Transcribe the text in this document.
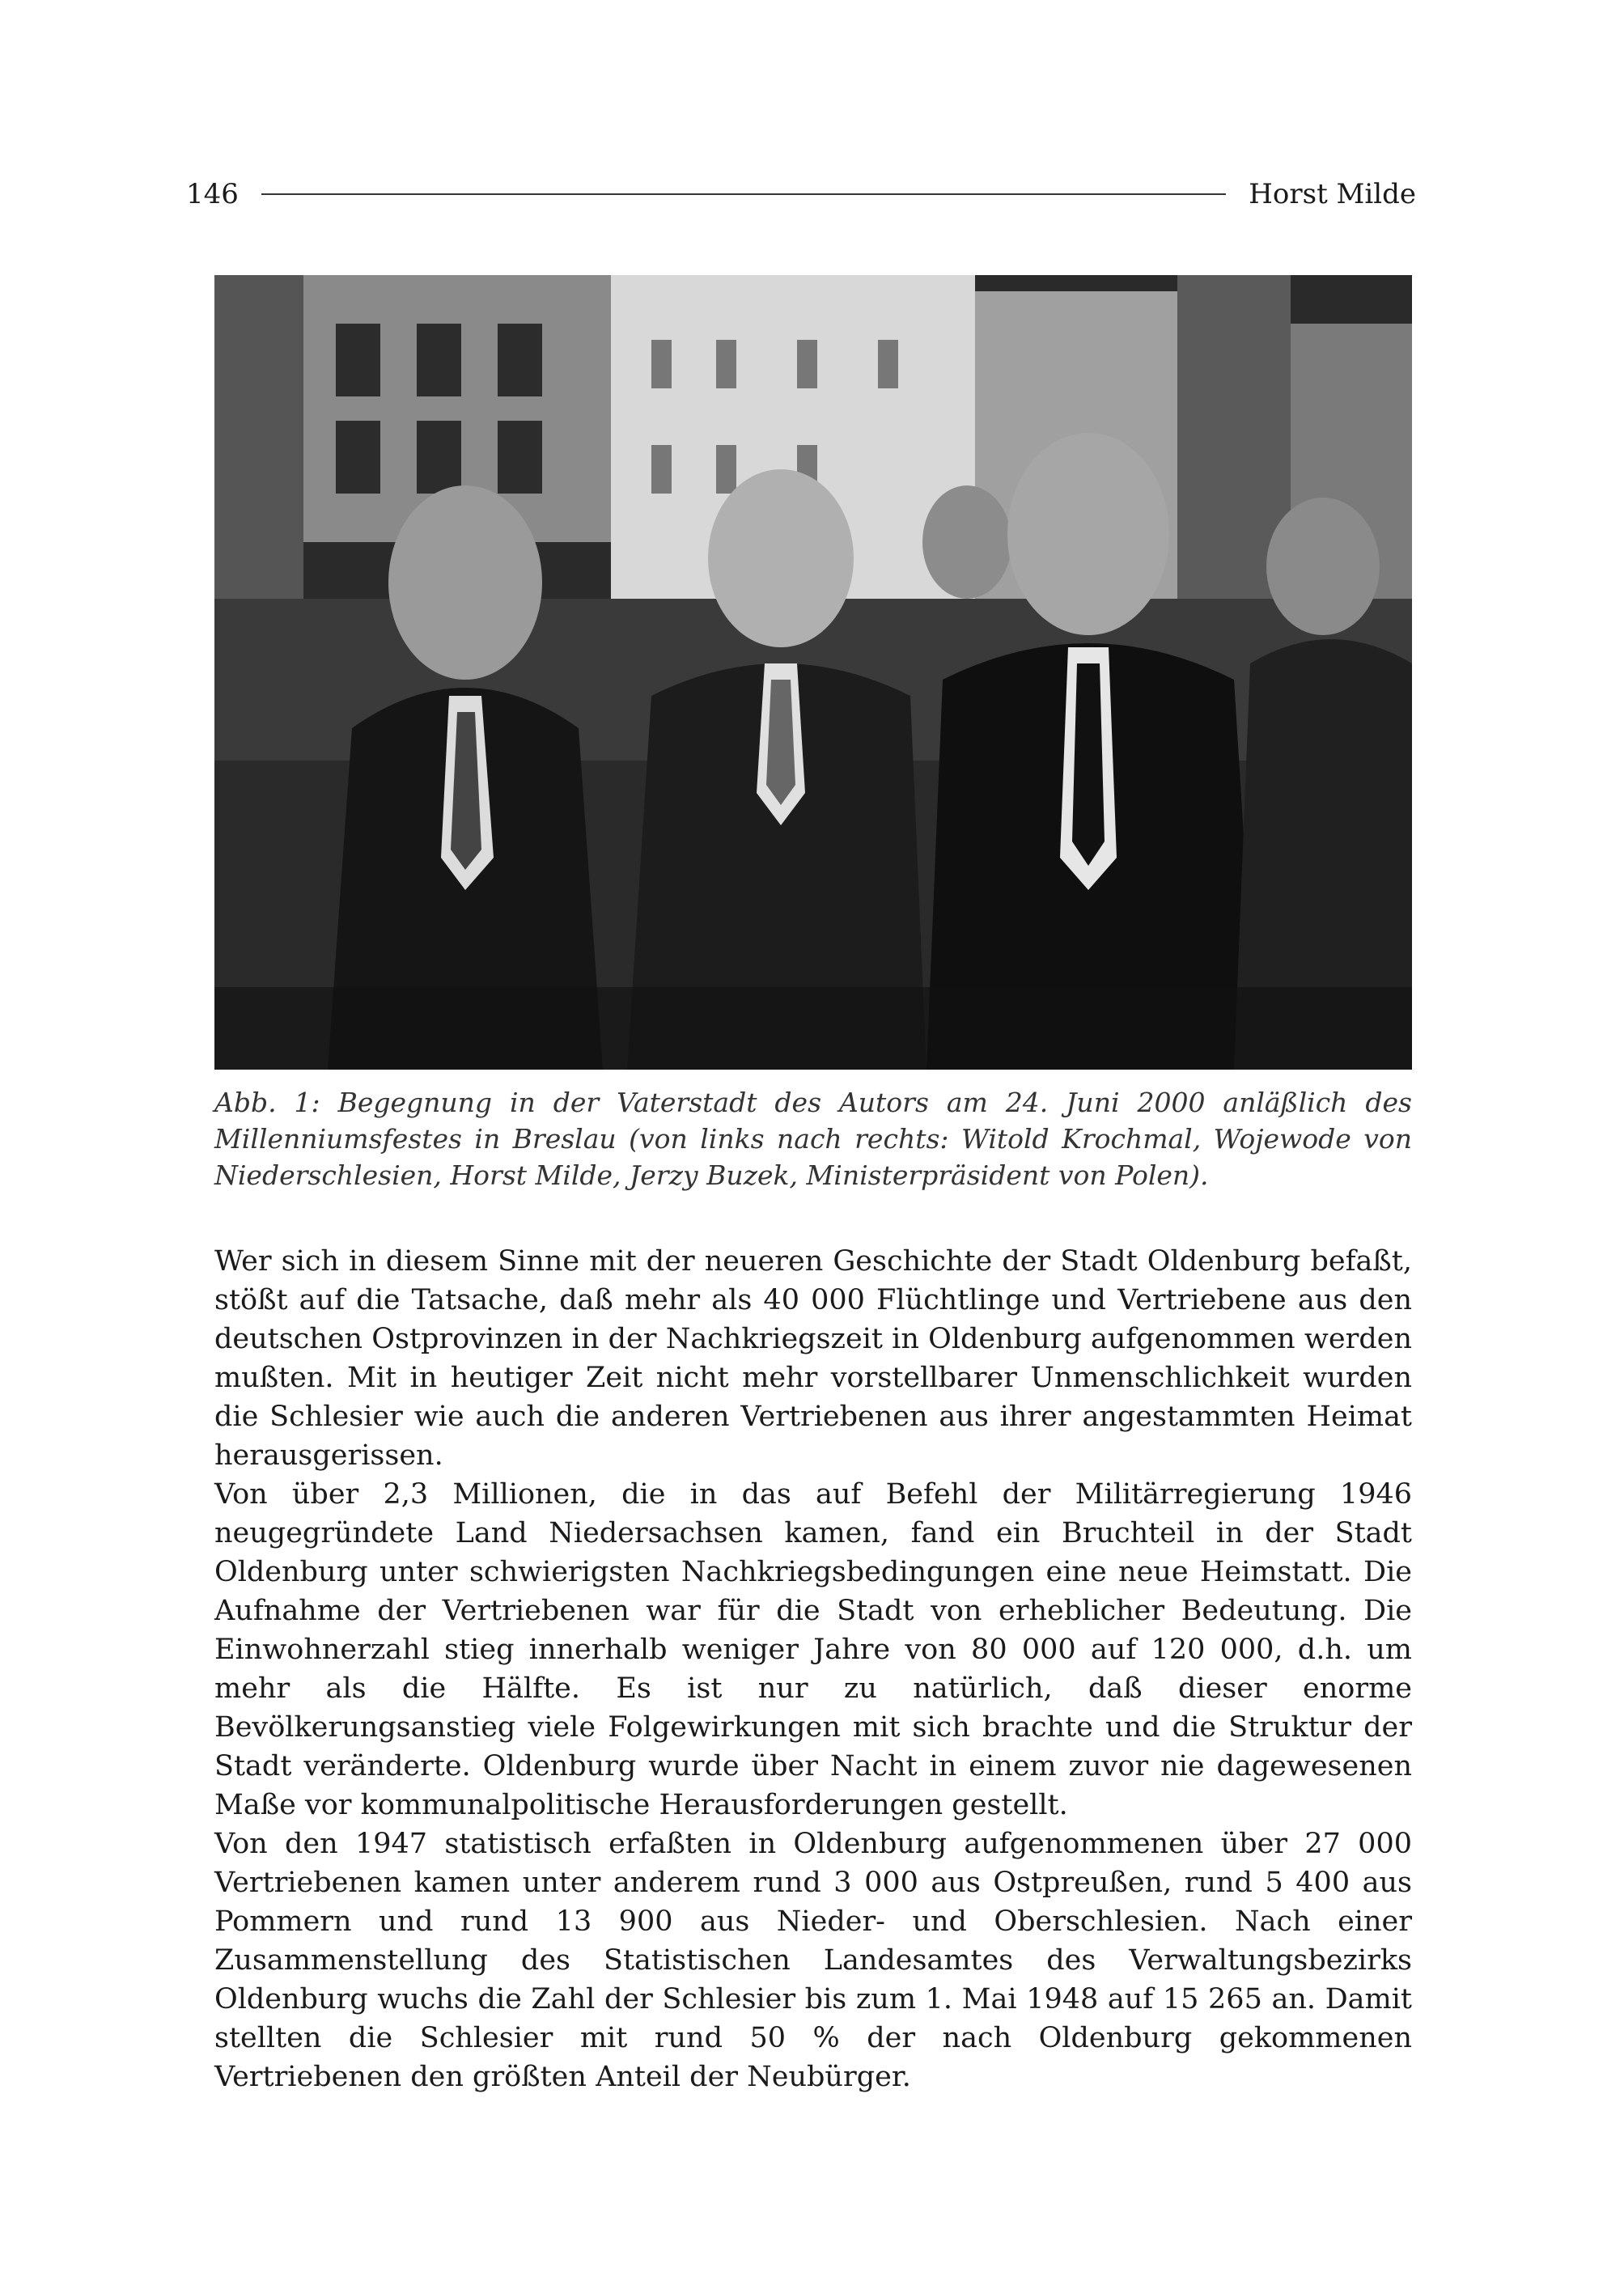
146	Horst Milde
Abb. 1: Begegnung in der Vaterstadt des Autors am 24. Juni 2000 anläßlich des Millenniumsfestes in Breslau (von links nach rechts: Witold Krochmal, Wojewode von Niederschlesien, Horst Milde, Jerzy Buzek, Ministerpräsident von Polen).

Wer sich in diesem Sinne mit der neueren Geschichte der Stadt Oldenburg befaßt, stößt auf die Tatsache, daß mehr als 40 000 Flüchtlinge und Vertriebene aus den deutschen Ostprovinzen in der Nachkriegszeit in Oldenburg aufgenommen werden mußten. Mit in heutiger Zeit nicht mehr vorstellbarer Unmenschlichkeit wurden die Schlesier wie auch die anderen Vertriebenen aus ihrer angestammten Heimat herausgerissen.

Von über 2,3 Millionen, die in das auf Befehl der Militärregierung 1946 neugegründete Land Niedersachsen kamen, fand ein Bruchteil in der Stadt Oldenburg unter schwierigsten Nachkriegsbedingungen eine neue Heimstatt. Die Aufnahme der Vertriebenen war für die Stadt von erheblicher Bedeutung. Die Einwohnerzahl stieg innerhalb weniger Jahre von 80 000 auf 120 000, d.h. um mehr als die Hälfte. Es ist nur zu natürlich, daß dieser enorme Bevölkerungsanstieg viele Folgewirkungen mit sich brachte und die Struktur der Stadt veränderte. Oldenburg wurde über Nacht in einem zuvor nie dagewesenen Maße vor kommunalpolitische Herausforderungen gestellt.

Von den 1947 statistisch erfaßten in Oldenburg aufgenommenen über 27 000 Vertriebenen kamen unter anderem rund 3 000 aus Ostpreußen, rund 5 400 aus Pommern und rund 13 900 aus Nieder- und Oberschlesien. Nach einer Zusammenstellung des Statistischen Landesamtes des Verwaltungsbezirks Oldenburg wuchs die Zahl der Schlesier bis zum 1. Mai 1948 auf 15 265 an. Damit stellten die Schlesier mit rund 50 % der nach Oldenburg gekommenen Vertriebenen den größten Anteil der Neubürger.
